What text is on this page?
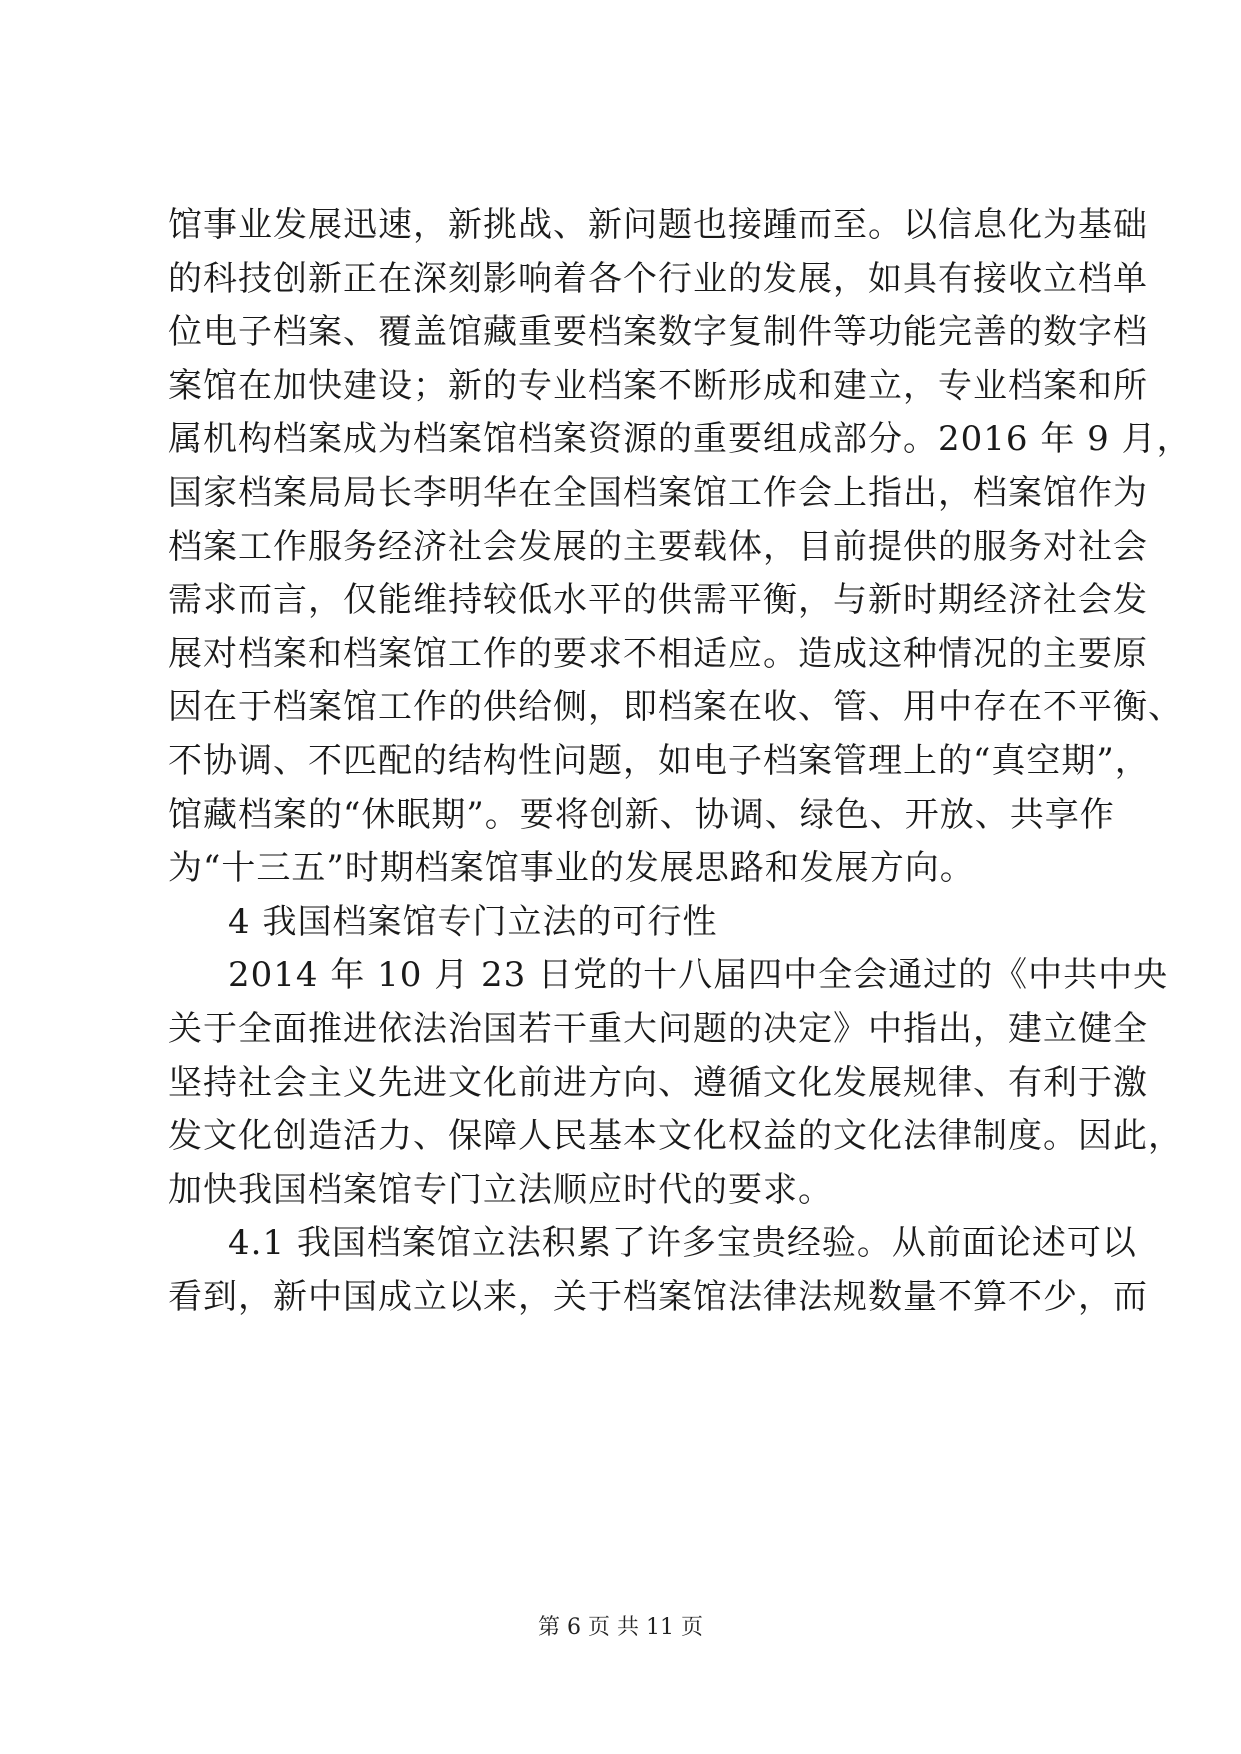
馆事业发展迅速，新挑战、新问题也接踵而至。以信息化为基础
的科技创新正在深刻影响着各个行业的发展，如具有接收立档单
位电子档案、覆盖馆藏重要档案数字复制件等功能完善的数字档
案馆在加快建设；新的专业档案不断形成和建立，专业档案和所
属机构档案成为档案馆档案资源的重要组成部分。2016 年 9 月，
国家档案局局长李明华在全国档案馆工作会上指出，档案馆作为
档案工作服务经济社会发展的主要载体，目前提供的服务对社会
需求而言，仅能维持较低水平的供需平衡，与新时期经济社会发
展对档案和档案馆工作的要求不相适应。造成这种情况的主要原
因在于档案馆工作的供给侧，即档案在收、管、用中存在不平衡、
不协调、不匹配的结构性问题，如电子档案管理上的“真空期”，
馆藏档案的“休眠期”。要将创新、协调、绿色、开放、共享作
为“十三五”时期档案馆事业的发展思路和发展方向。
4 我国档案馆专门立法的可行性
2014 年 10 月 23 日党的十八届四中全会通过的《中共中央
关于全面推进依法治国若干重大问题的决定》中指出，建立健全
坚持社会主义先进文化前进方向、遵循文化发展规律、有利于激
发文化创造活力、保障人民基本文化权益的文化法律制度。因此，
加快我国档案馆专门立法顺应时代的要求。
4.1 我国档案馆立法积累了许多宝贵经验。从前面论述可以
看到，新中国成立以来，关于档案馆法律法规数量不算不少，而
第 6 页 共 11 页
